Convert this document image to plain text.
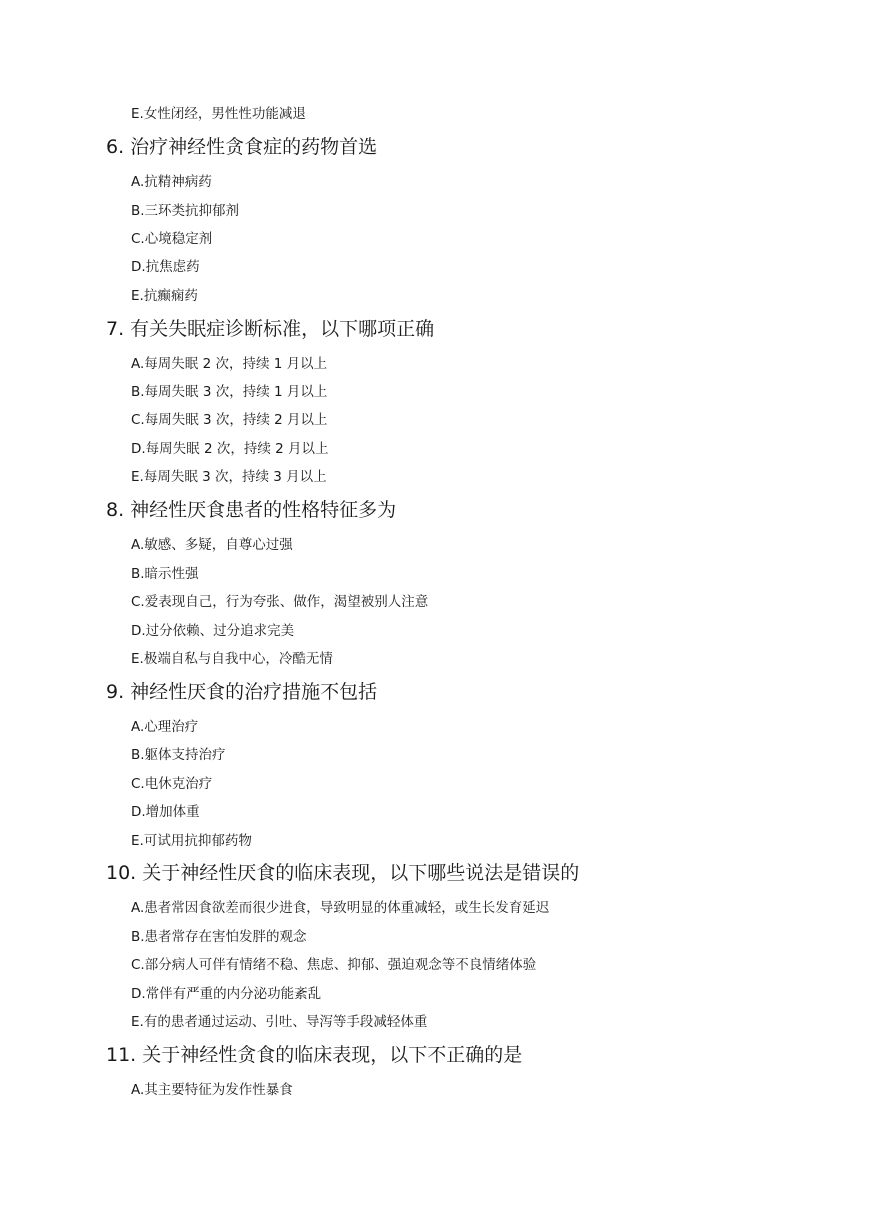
E.女性闭经，男性性功能减退
6. 治疗神经性贪食症的药物首选
A.抗精神病药
B.三环类抗抑郁剂
C.心境稳定剂
D.抗焦虑药
E.抗癫痫药
7. 有关失眠症诊断标准，以下哪项正确
A.每周失眠 2 次，持续 1 月以上
B.每周失眠 3 次，持续 1 月以上
C.每周失眠 3 次，持续 2 月以上
D.每周失眠 2 次，持续 2 月以上
E.每周失眠 3 次，持续 3 月以上
8. 神经性厌食患者的性格特征多为
A.敏感、多疑，自尊心过强
B.暗示性强
C.爱表现自己，行为夸张、做作，渴望被别人注意
D.过分依赖、过分追求完美
E.极端自私与自我中心，冷酷无情
9. 神经性厌食的治疗措施不包括
A.心理治疗
B.躯体支持治疗
C.电休克治疗
D.增加体重
E.可试用抗抑郁药物
10. 关于神经性厌食的临床表现，以下哪些说法是错误的
A.患者常因食欲差而很少进食，导致明显的体重减轻，或生长发育延迟
B.患者常存在害怕发胖的观念
C.部分病人可伴有情绪不稳、焦虑、抑郁、强迫观念等不良情绪体验
D.常伴有严重的内分泌功能紊乱
E.有的患者通过运动、引吐、导泻等手段减轻体重
11. 关于神经性贪食的临床表现，以下不正确的是
A.其主要特征为发作性暴食
